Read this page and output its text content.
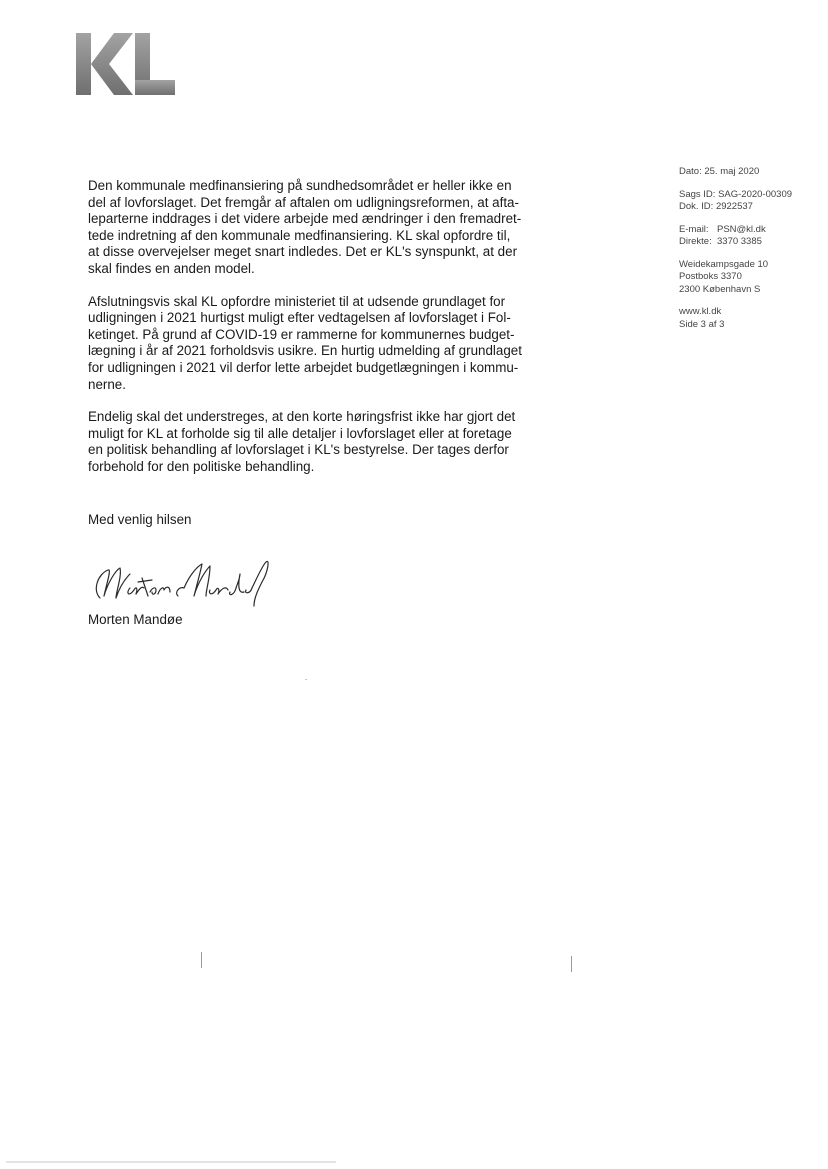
Dato: 25. maj 2020
Sags ID: SAG-2020-00309
Dok. ID: 2922537
E-mail: PSN@kl.dk
Direkte: 3370 3385
Weidekampsgade 10
Postboks 3370
2300 København S
www.kl.dk
Side 3 af 3

Den kommunale medfinansiering på sundhedsområdet er heller ikke en
del af lovforslaget. Det fremgår af aftalen om udligningsreformen, at afta-
leparterne inddrages i det videre arbejde med ændringer i den fremadret-
tede indretning af den kommunale medfinansiering. KL skal opfordre til,
at disse overvejelser meget snart indledes. Det er KL's synspunkt, at der
skal findes en anden model.

Afslutningsvis skal KL opfordre ministeriet til at udsende grundlaget for
udligningen i 2021 hurtigst muligt efter vedtagelsen af lovforslaget i Fol-
ketinget. På grund af COVID-19 er rammerne for kommunernes budget-
lægning i år af 2021 forholdsvis usikre. En hurtig udmelding af grundlaget
for udligningen i 2021 vil derfor lette arbejdet budgetlægningen i kommu-
nerne.

Endelig skal det understreges, at den korte høringsfrist ikke har gjort det
muligt for KL at forholde sig til alle detaljer i lovforslaget eller at foretage
en politisk behandling af lovforslaget i KL's bestyrelse. Der tages derfor
forbehold for den politiske behandling.

Med venlig hilsen
Morten Mandøe
